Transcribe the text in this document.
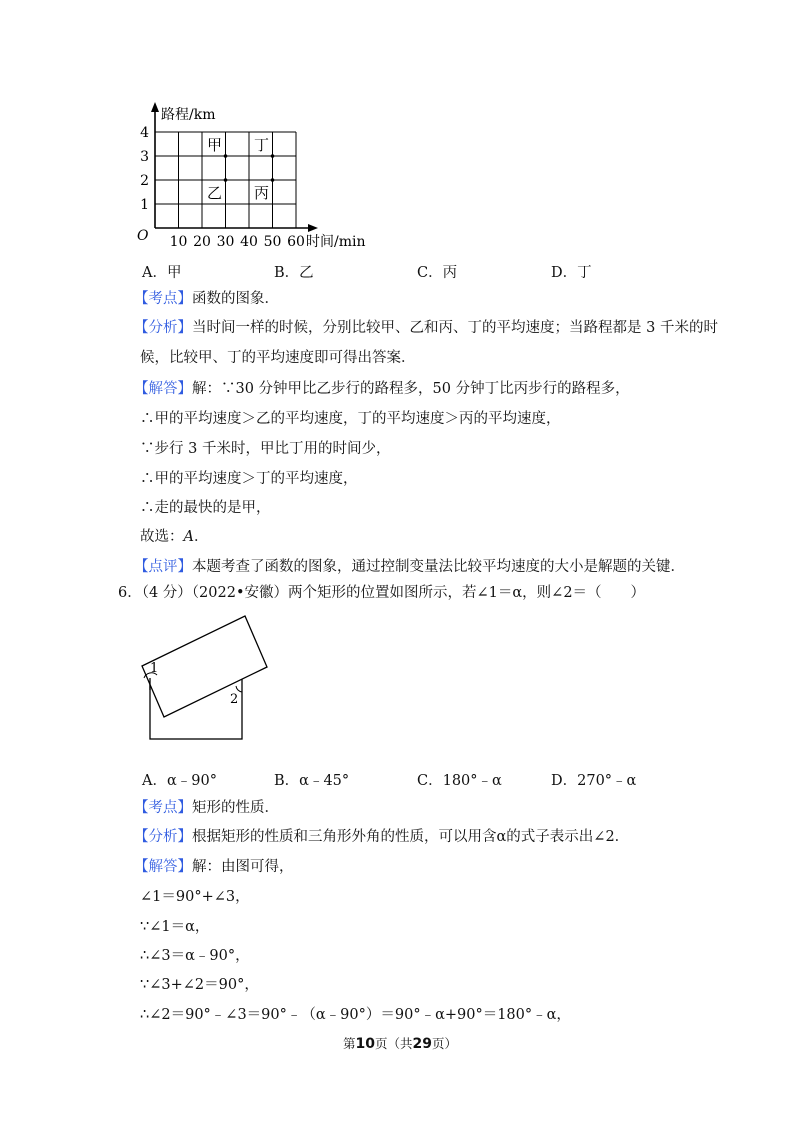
路程/km
时间/min
O 10 20 30 40 50 60
1
2
3
4
甲
乙 丙
丁
A．甲	B．乙	C．丙	D．丁
【考点】函数的图象．
【分析】当时间一样的时候，分别比较甲、乙和丙、丁的平均速度；当路程都是 3 千米的时
候，比较甲、丁的平均速度即可得出答案．
【解答】解：∵30 分钟甲比乙步行的路程多，50 分钟丁比丙步行的路程多，
∴甲的平均速度＞乙的平均速度，丁的平均速度＞丙的平均速度，
∵步行 3 千米时，甲比丁用的时间少，
∴甲的平均速度＞丁的平均速度，
∴走的最快的是甲，
故选：A．
【点评】本题考查了函数的图象，通过控制变量法比较平均速度的大小是解题的关键．
6．（4 分）（2022•安徽）两个矩形的位置如图所示，若∠1＝α，则∠2＝（　　）
1
2
A．α﹣90°	B．α﹣45°	C．180°﹣α	D．270°﹣α
【考点】矩形的性质．
【分析】根据矩形的性质和三角形外角的性质，可以用含α的式子表示出∠2．
【解答】解：由图可得，
∠1＝90°+∠3，
∵∠1＝α，
∴∠3＝α﹣90°，
∵∠3+∠2＝90°，
∴∠2＝90°﹣∠3＝90°﹣（α﹣90°）＝90°﹣α+90°＝180°﹣α，
第10页（共29页）
